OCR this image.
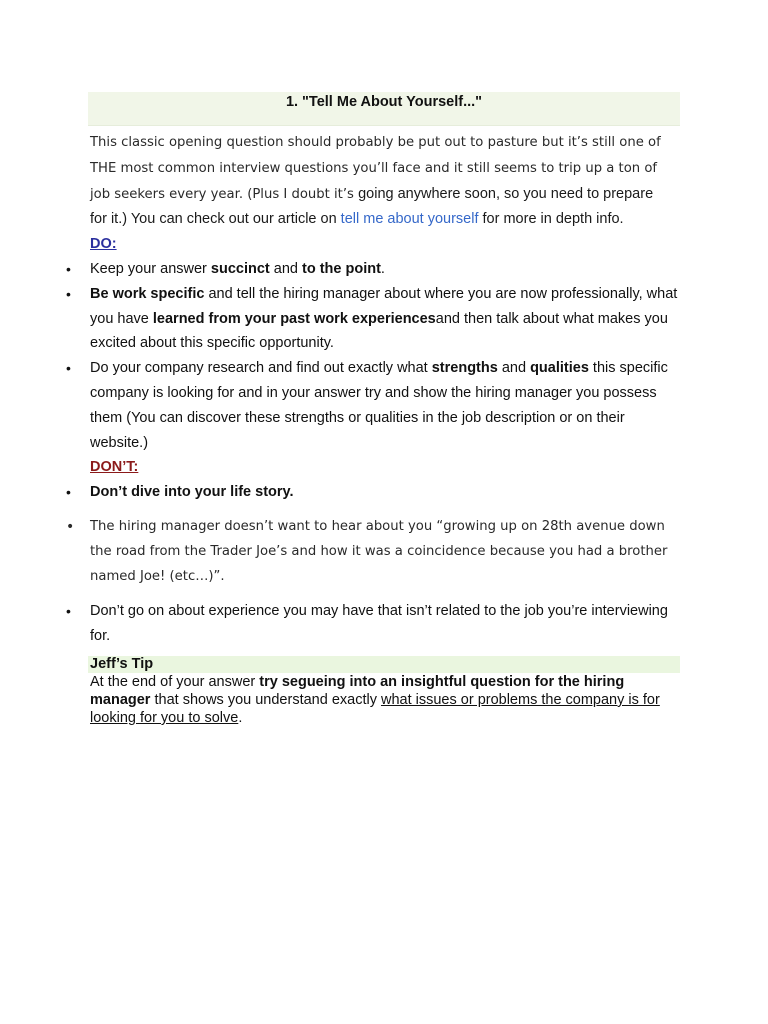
1. "Tell Me About Yourself..."
This classic opening question should probably be put out to pasture but it’s still one of
THE most common interview questions you’ll face and it still seems to trip up a ton of
job seekers every year. (Plus I doubt it’s going anywhere soon, so you need to prepare
for it.) You can check out our article on tell me about yourself for more in depth info.
DO:
• Keep your answer succinct and to the point.
• Be work specific and tell the hiring manager about where you are now professionally, what you have learned from your past work experiencesand then talk about what makes you excited about this specific opportunity.
• Do your company research and find out exactly what strengths and qualities this specific company is looking for and in your answer try and show the hiring manager you possess them (You can discover these strengths or qualities in the job description or on their website.)
DON’T:
• Don’t dive into your life story.
• The hiring manager doesn’t want to hear about you “growing up on 28th avenue down the road from the Trader Joe’s and how it was a coincidence because you had a brother named Joe! (etc…)”.
• Don’t go on about experience you may have that isn’t related to the job you’re interviewing for.
Jeff’s Tip
At the end of your answer try segueing into an insightful question for the hiring manager that shows you understand exactly what issues or problems the company is for looking for you to solve.
